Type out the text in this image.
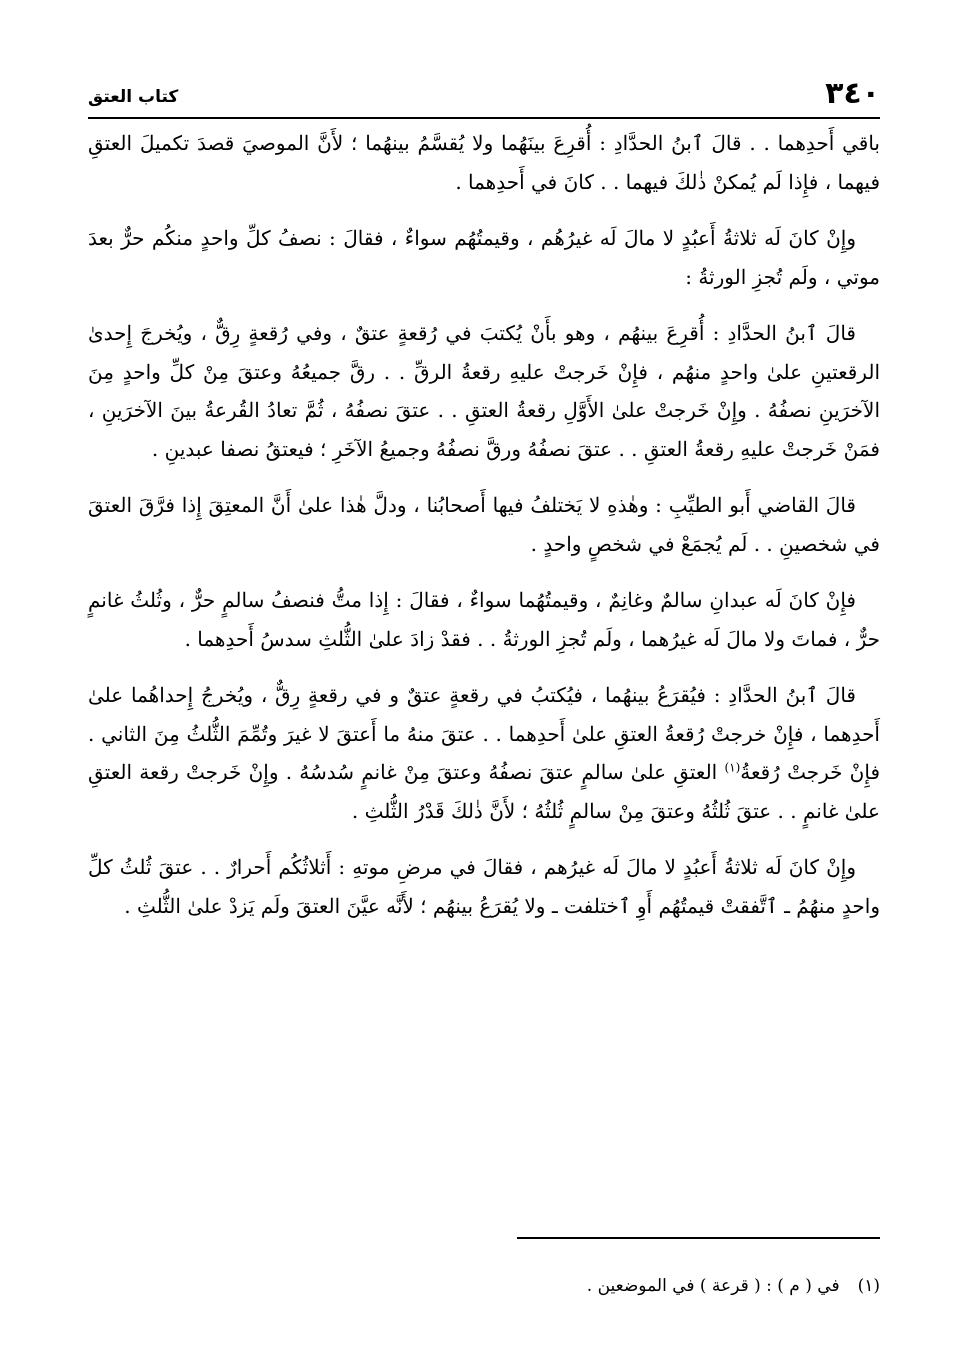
٣٤٠
كتاب العتق

باقي أَحدِهما . . قالَ ٱبنُ الحدَّادِ : أُقرِعَ بينَهُما ولا يُقسَّمُ بينهُما ؛ لأَنَّ الموصيَ قصدَ تكميلَ العتقِ فيهما ، فإِذا لَم يُمكنْ ذٰلكَ فيهما . . كانَ في أَحدِهما .

وإِنْ كانَ لَه ثلاثةُ أَعبُدٍ لا مالَ لَه غيرُهُم ، وقيمتُهُم سواءٌ ، فقالَ : نصفُ كلِّ واحدٍ منكُم حرٌّ بعدَ موتي ، ولَم تُجزِ الورثةُ :

قالَ ٱبنُ الحدَّادِ : أُقرِعَ بينهُم ، وهو بأَنْ يُكتبَ في رُقعةٍ عتقٌ ، وفي رُقعةٍ رِقٌّ ، ويُخرجَ إِحدىٰ الرقعتينِ علىٰ واحدٍ منهُم ، فإِنْ خَرجتْ عليهِ رقعةُ الرقِّ . . رقَّ جميعُهُ وعتقَ مِنْ كلِّ واحدٍ مِنَ الآخرَينِ نصفُهُ . وإِنْ خَرجتْ علىٰ الأَوَّلِ رقعةُ العتقِ . . عتقَ نصفُهُ ، ثُمَّ تعادُ القُرعةُ بينَ الآخرَينِ ، فمَنْ خَرجتْ عليهِ رقعةُ العتقِ . . عتقَ نصفُهُ ورقَّ نصفُهُ وجميعُ الآخَرِ ؛ فيعتقُ نصفا عبدينِ .

قالَ القاضي أَبو الطيِّبِ : وهٰذهِ لا يَختلفُ فيها أَصحابُنا ، ودلَّ هٰذا علىٰ أَنَّ المعتِقَ إِذا فرَّقَ العتقَ في شخصينِ . . لَم يُجمَعْ في شخصٍ واحدٍ .

فإِنْ كانَ لَه عبدانِ سالمٌ وغانِمٌ ، وقيمتُهُما سواءٌ ، فقالَ : إِذا متُّ فنصفُ سالمٍ حرٌّ ، وثُلثُ غانمٍ حرٌّ ، فماتَ ولا مالَ لَه غيرُهما ، ولَم تُجزِ الورثةُ . . فقدْ زادَ علىٰ الثُّلثِ سدسُ أَحدِهما .

قالَ ٱبنُ الحدَّادِ : فيُقرَعُ بينهُما ، فيُكتبُ في رقعةٍ عتقٌ و في رقعةٍ رِقٌّ ، ويُخرجُ إِحداهُما علىٰ أَحدِهما ، فإِنْ خرجتْ رُقعةُ العتقِ علىٰ أَحدِهما . . عتقَ منهُ ما أَعتقَ لا غيرَ وتُمِّمَ الثُّلثُ مِنَ الثاني . فإِنْ خَرجتْ رُقعةُ$^{(١)}$ العتقِ علىٰ سالمٍ عتقَ نصفُهُ وعتقَ مِنْ غانمٍ سُدسُهُ . وإِنْ خَرجتْ رقعة العتقِ علىٰ غانمٍ . . عتقَ ثُلثُهُ وعتقَ مِنْ سالمٍ ثُلثُهُ ؛ لأَنَّ ذٰلكَ قَدْرُ الثُّلثِ .

وإِنْ كانَ لَه ثلاثةُ أَعبُدٍ لا مالَ لَه غيرُهم ، فقالَ في مرضِ موتهِ : أَثلاثُكُم أَحرارٌ . . عتقَ ثُلثُ كلِّ واحدٍ منهُمُ ـ ٱتَّفقتْ قيمتُهُم أَوِ ٱختلفت ـ ولا يُقرَعُ بينهُم ؛ لأَنَّه عيَّنَ العتقَ ولَم يَزدْ علىٰ الثُّلثِ .

(١)في ( م ) : ( قرعة ) في الموضعين .
